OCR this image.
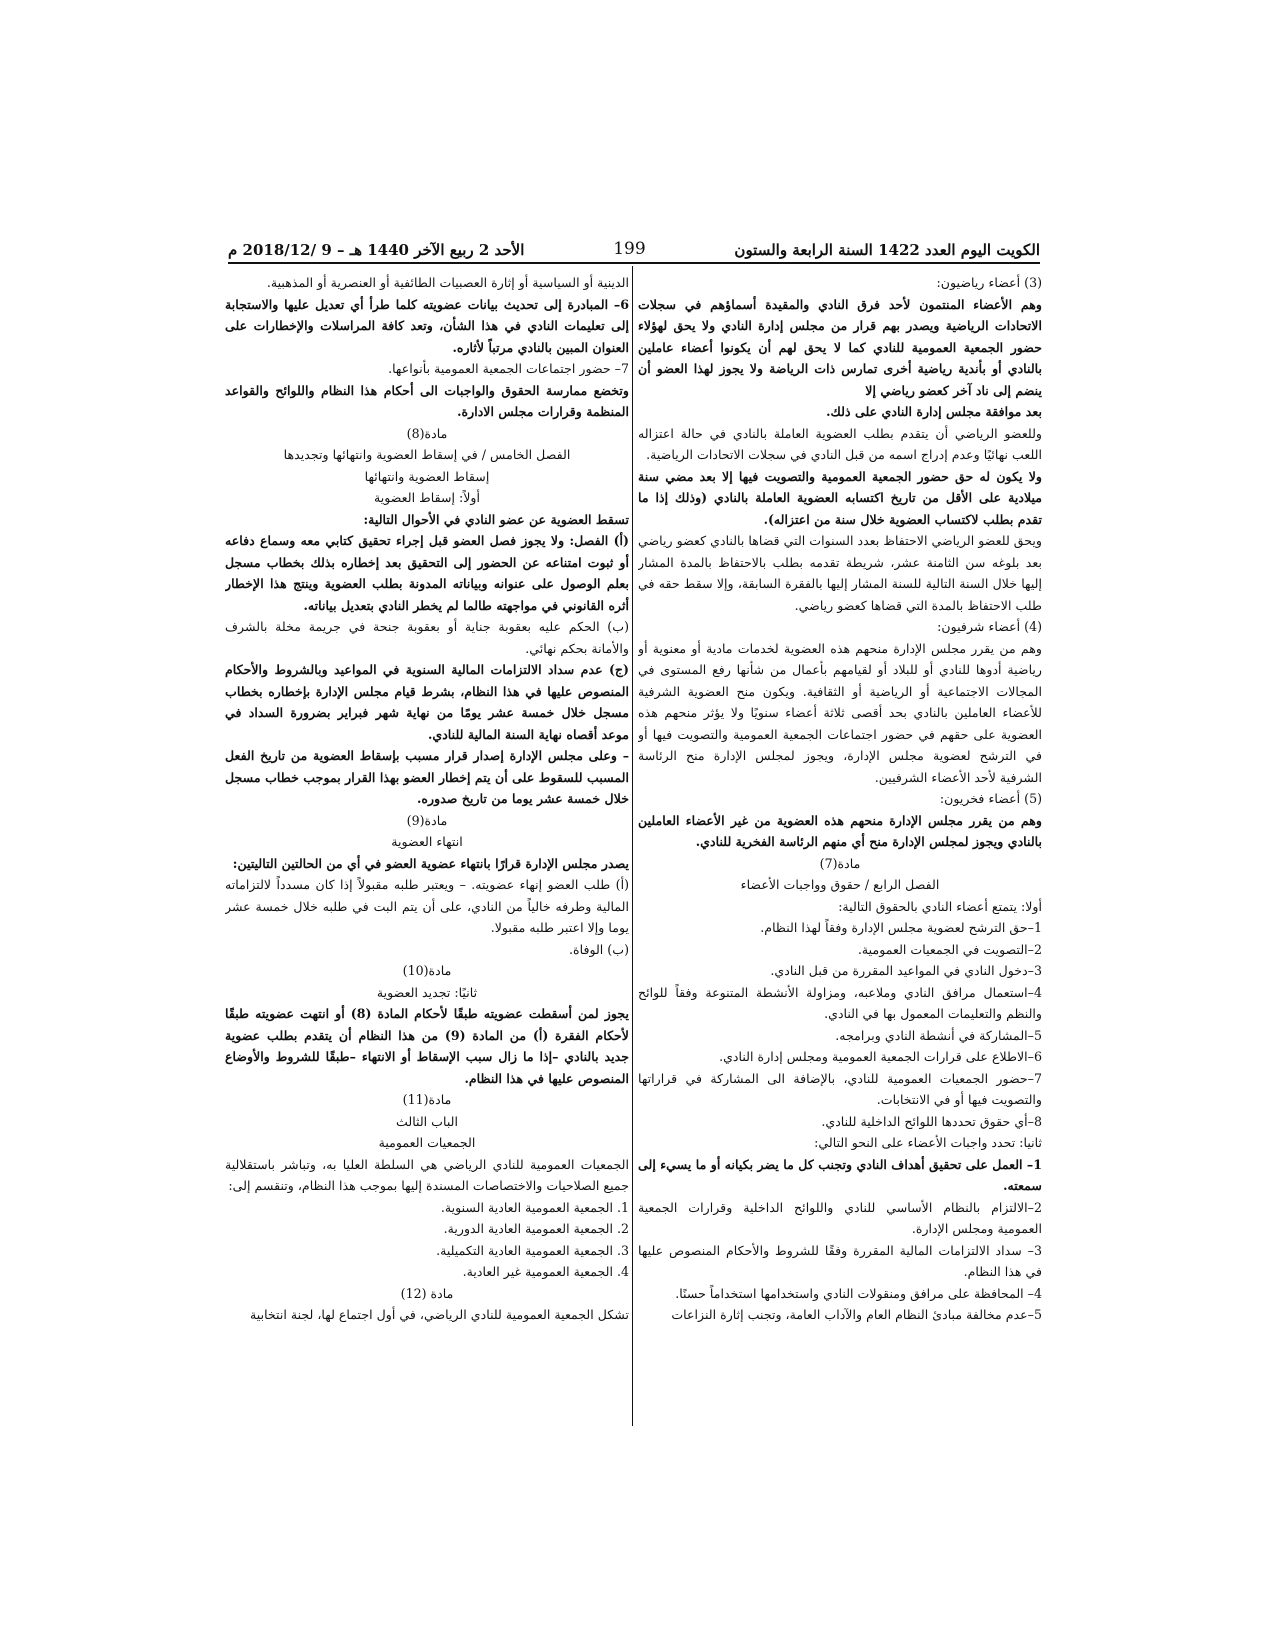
الكويت اليوم العدد 1422 السنة الرابعة والستون
199
الأحد 2 ربيع الآخر 1440 هـ – 9 /2018/12 م

(3) أعضاء رياضيون:

وهم الأعضاء المنتمون لأحد فرق النادي والمقيدة أسماؤهم في سجلات الاتحادات الرياضية ويصدر بهم قرار من مجلس إدارة النادي ولا يحق لهؤلاء حضور الجمعية العمومية للنادي كما لا يحق لهم أن يكونوا أعضاء عاملين بالنادي أو بأندية رياضية أخرى تمارس ذات الرياضة ولا يجوز لهذا العضو أن ينضم إلى ناد آخر كعضو رياضي إلا

بعد موافقة مجلس إدارة النادي على ذلك.

وللعضو الرياضي أن يتقدم بطلب العضوية العاملة بالنادي في حالة اعتزاله اللعب نهائيًا وعدم إدراج اسمه من قبل النادي في سجلات الاتحادات الرياضية.

ولا يكون له حق حضور الجمعية العمومية والتصويت فيها إلا بعد مضي سنة ميلادية على الأقل من تاريخ اكتسابه العضوية العاملة بالنادي (وذلك إذا ما تقدم بطلب لاكتساب العضوية خلال سنة من اعتزاله).

ويحق للعضو الرياضي الاحتفاظ بعدد السنوات التي قضاها بالنادي كعضو رياضي بعد بلوغه سن الثامنة عشر، شريطة تقدمه بطلب بالاحتفاظ بالمدة المشار إليها خلال السنة التالية للسنة المشار إليها بالفقرة السابقة، وإلا سقط حقه في طلب الاحتفاظ بالمدة التي قضاها كعضو رياضي.

(4) أعضاء شرفيون:

وهم من يقرر مجلس الإدارة منحهم هذه العضوية لخدمات مادية أو معنوية أو رياضية أدوها للنادي أو للبلاد أو لقيامهم بأعمال من شأنها رفع المستوى في المجالات الاجتماعية أو الرياضية أو الثقافية. ويكون منح العضوية الشرفية للأعضاء العاملين بالنادي بحد أقصى ثلاثة أعضاء سنويًا ولا يؤثر منحهم هذه العضوية على حقهم في حضور اجتماعات الجمعية العمومية والتصويت فيها أو في الترشح لعضوية مجلس الإدارة، ويجوز لمجلس الإدارة منح الرئاسة الشرفية لأحد الأعضاء الشرفيين.

(5) أعضاء فخريون:

وهم من يقرر مجلس الإدارة منحهم هذه العضوية من غير الأعضاء العاملين بالنادي ويجوز لمجلس الإدارة منح أي منهم الرئاسة الفخرية للنادي.

مادة(7)

الفصل الرابع / حقوق وواجبات الأعضاء

أولا: يتمتع أعضاء النادي بالحقوق التالية:

1–حق الترشح لعضوية مجلس الإدارة وفقاً لهذا النظام.

2–التصويت في الجمعيات العمومية.

3–دخول النادي في المواعيد المقررة من قبل النادي.

4–استعمال مرافق النادي وملاعبه، ومزاولة الأنشطة المتنوعة وفقاً للوائح والنظم والتعليمات المعمول بها في النادي.

5–المشاركة في أنشطة النادي وبرامجه.

6–الاطلاع على قرارات الجمعية العمومية ومجلس إدارة النادي.

7–حضور الجمعيات العمومية للنادي، بالإضافة الى المشاركة في قراراتها والتصويت فيها أو في الانتخابات.

8–أي حقوق تحددها اللوائح الداخلية للنادي.

ثانيا: تحدد واجبات الأعضاء على النحو التالي:

1– العمل على تحقيق أهداف النادي وتجنب كل ما يضر بكيانه أو ما يسيء إلى سمعته.

2–الالتزام بالنظام الأساسي للنادي واللوائح الداخلية وقرارات الجمعية العمومية ومجلس الإدارة.

3– سداد الالتزامات المالية المقررة وفقًا للشروط والأحكام المنصوص عليها في هذا النظام.

4– المحافظة على مرافق ومنقولات النادي واستخدامها استخداماً حسنًا.

5–عدم مخالفة مبادئ النظام العام والآداب العامة، وتجنب إثارة النزاعات

الدينية أو السياسية أو إثارة العصبيات الطائفية أو العنصرية أو المذهبية.

6– المبادرة إلى تحديث بيانات عضويته كلما طرأ أي تعديل عليها والاستجابة إلى تعليمات النادي في هذا الشأن، وتعد كافة المراسلات والإخطارات على العنوان المبين بالنادي مرتباً لأثاره.

7– حضور اجتماعات الجمعية العمومية بأنواعها.

وتخضع ممارسة الحقوق والواجبات الى أحكام هذا النظام واللوائح والقواعد المنظمة وقرارات مجلس الادارة.

مادة(8)

الفصل الخامس / في إسقاط العضوية وانتهائها وتجديدها

إسقاط العضوية وانتهائها

أولاً: إسقاط العضوية

تسقط العضوية عن عضو النادي في الأحوال التالية:

(أ) الفصل: ولا يجوز فصل العضو قبل إجراء تحقيق كتابي معه وسماع دفاعه أو ثبوت امتناعه عن الحضور إلى التحقيق بعد إخطاره بذلك بخطاب مسجل بعلم الوصول على عنوانه وبياناته المدونة بطلب العضوية وينتج هذا الإخطار أثره القانوني في مواجهته طالما لم يخطر النادي بتعديل بياناته.

(ب) الحكم عليه بعقوبة جناية أو بعقوبة جنحة في جريمة مخلة بالشرف والأمانة بحكم نهائي.

(ج) عدم سداد الالتزامات المالية السنوية في المواعيد وبالشروط والأحكام المنصوص عليها في هذا النظام، بشرط قيام مجلس الإدارة بإخطاره بخطاب مسجل خلال خمسة عشر يومًا من نهاية شهر فبراير بضرورة السداد في موعد أقصاه نهاية السنة المالية للنادي.

– وعلى مجلس الإدارة إصدار قرار مسبب بإسقاط العضوية من تاريخ الفعل المسبب للسقوط على أن يتم إخطار العضو بهذا القرار بموجب خطاب مسجل خلال خمسة عشر يوما من تاريخ صدوره.

مادة(9)

انتهاء العضوية

يصدر مجلس الإدارة قرارًا بانتهاء عضوية العضو في أي من الحالتين التاليتين:

(أ) طلب العضو إنهاء عضويته. – ويعتبر طلبه مقبولاً إذا كان مسدداً لالتزاماته المالية وطرفه خالياً من النادي، على أن يتم البت في طلبه خلال خمسة عشر يوما وإلا اعتبر طلبه مقبولا.

(ب) الوفاة.

مادة(10)

ثانيًا: تجديد العضوية

يجوز لمن أسقطت عضويته طبقًا لأحكام المادة (8) أو انتهت عضويته طبقًا لأحكام الفقرة (أ) من المادة (9) من هذا النظام أن يتقدم بطلب عضوية جديد بالنادي –إذا ما زال سبب الإسقاط أو الانتهاء –طبقًا للشروط والأوضاع المنصوص عليها في هذا النظام.

مادة(11)

الباب الثالث

الجمعيات العمومية

الجمعيات العمومية للنادي الرياضي هي السلطة العليا به، وتباشر باستقلالية جميع الصلاحيات والاختصاصات المسندة إليها بموجب هذا النظام، وتنقسم إلى:

1. الجمعية العمومية العادية السنوية.

2. الجمعية العمومية العادية الدورية.

3. الجمعية العمومية العادية التكميلية.

4. الجمعية العمومية غير العادية.

مادة (12)

تشكل الجمعية العمومية للنادي الرياضي، في أول اجتماع لها، لجنة انتخابية
